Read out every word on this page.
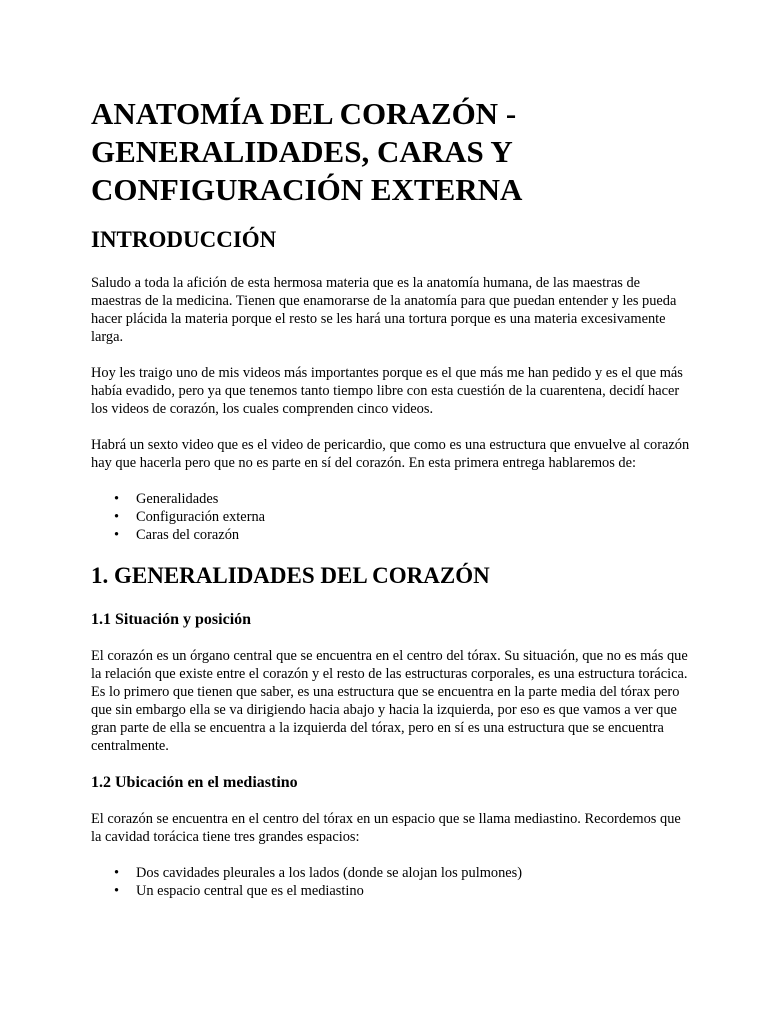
ANATOMÍA DEL CORAZÓN - GENERALIDADES, CARAS Y CONFIGURACIÓN EXTERNA
INTRODUCCIÓN

Saludo a toda la afición de esta hermosa materia que es la anatomía humana, de las maestras de maestras de la medicina. Tienen que enamorarse de la anatomía para que puedan entender y les pueda hacer plácida la materia porque el resto se les hará una tortura porque es una materia excesivamente larga.

Hoy les traigo uno de mis videos más importantes porque es el que más me han pedido y es el que más había evadido, pero ya que tenemos tanto tiempo libre con esta cuestión de la cuarentena, decidí hacer los videos de corazón, los cuales comprenden cinco videos.

Habrá un sexto video que es el video de pericardio, que como es una estructura que envuelve al corazón hay que hacerla pero que no es parte en sí del corazón. En esta primera entrega hablaremos de:

• Generalidades
• Configuración externa
• Caras del corazón
1. GENERALIDADES DEL CORAZÓN
1.1 Situación y posición

El corazón es un órgano central que se encuentra en el centro del tórax. Su situación, que no es más que la relación que existe entre el corazón y el resto de las estructuras corporales, es una estructura torácica. Es lo primero que tienen que saber, es una estructura que se encuentra en la parte media del tórax pero que sin embargo ella se va dirigiendo hacia abajo y hacia la izquierda, por eso es que vamos a ver que gran parte de ella se encuentra a la izquierda del tórax, pero en sí es una estructura que se encuentra centralmente.

1.2 Ubicación en el mediastino

El corazón se encuentra en el centro del tórax en un espacio que se llama mediastino. Recordemos que la cavidad torácica tiene tres grandes espacios:

• Dos cavidades pleurales a los lados (donde se alojan los pulmones)
• Un espacio central que es el mediastino
